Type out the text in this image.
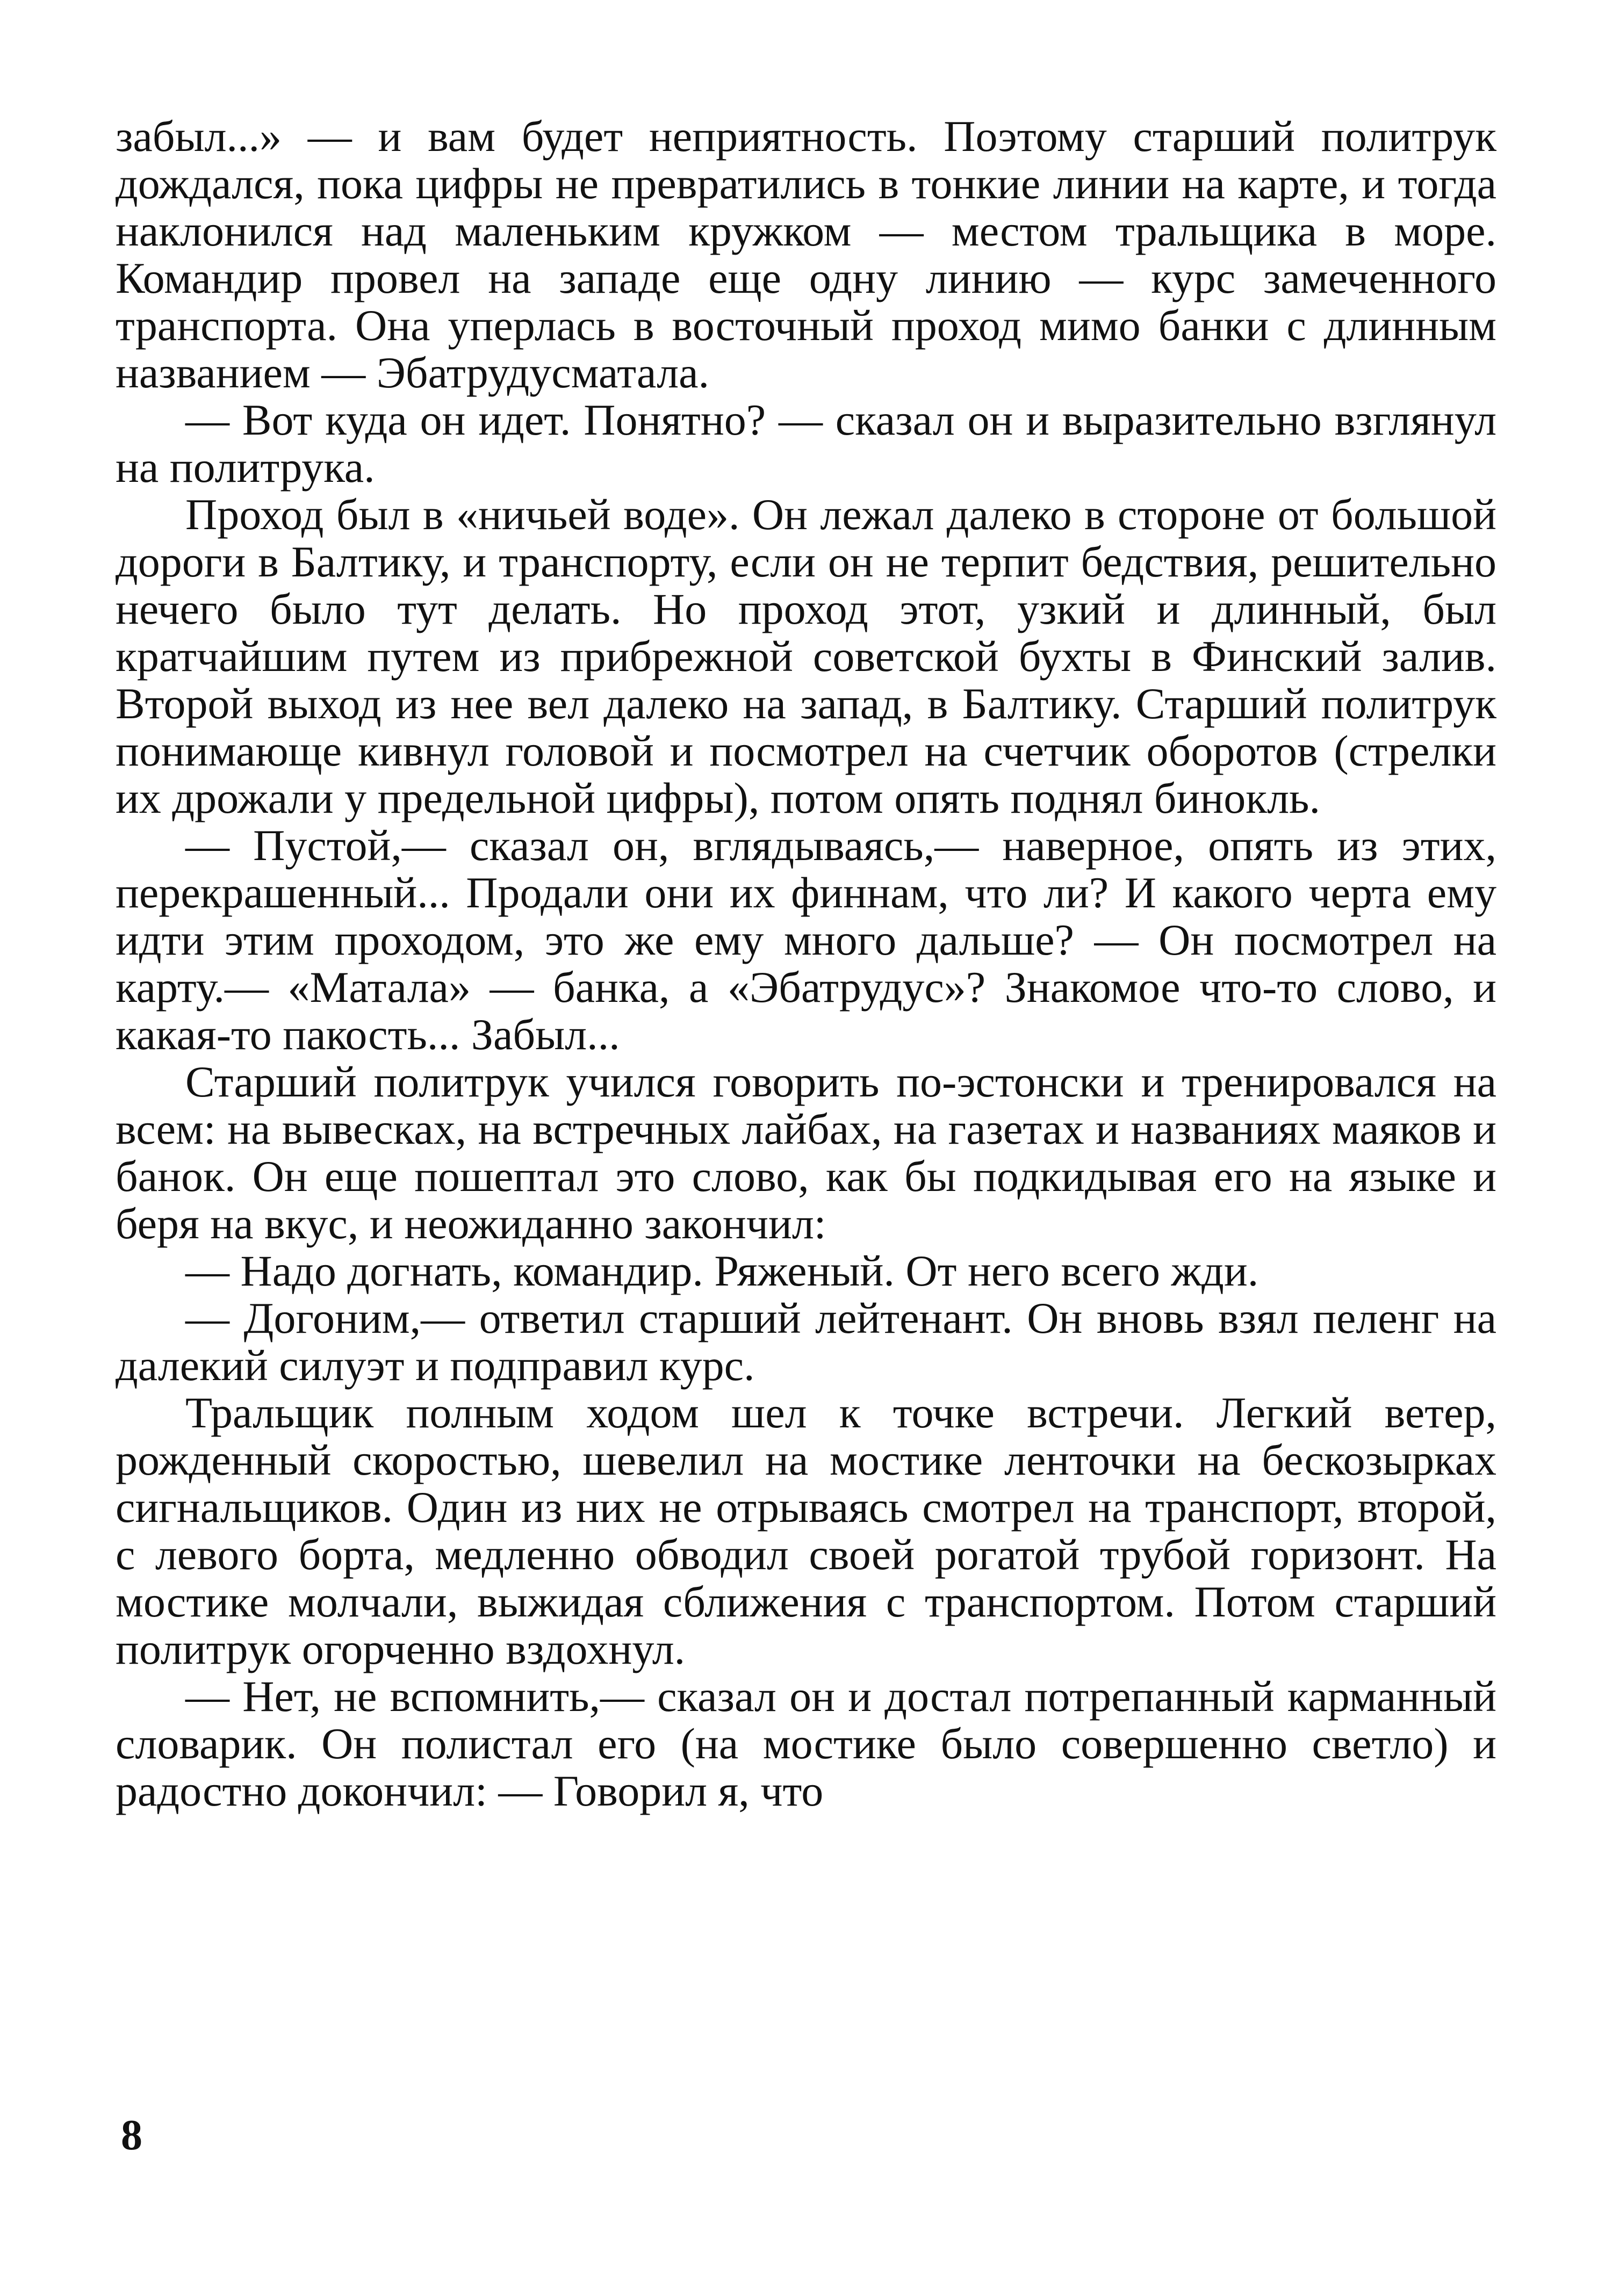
забыл...» — и вам будет неприятность. Поэтому старший политрук дождался, пока цифры не превратились в тонкие линии на карте, и тогда наклонился над маленьким кружком — местом тральщика в море. Командир провел на западе еще одну линию — курс замеченного транспорта. Она уперлась в восточный проход мимо банки с длинным названием — Эбатрудусматала.

— Вот куда он идет. Понятно? — сказал он и выразительно взглянул на политрука.

Проход был в «ничьей воде». Он лежал далеко в стороне от большой дороги в Балтику, и транспорту, если он не терпит бедствия, решительно нечего было тут делать. Но проход этот, узкий и длинный, был кратчайшим путем из прибрежной советской бухты в Финский залив. Второй выход из нее вел далеко на запад, в Балтику. Старший политрук понимающе кивнул головой и посмотрел на счетчик оборотов (стрелки их дрожали у предельной цифры), потом опять поднял бинокль.

— Пустой,— сказал он, вглядываясь,— наверное, опять из этих, перекрашенный... Продали они их финнам, что ли? И какого черта ему идти этим проходом, это же ему много дальше? — Он посмотрел на карту.— «Матала» — банка, а «Эбатрудус»? Знакомое что-то слово, и какая-то пакость... Забыл...

Старший политрук учился говорить по-эстонски и тренировался на всем: на вывесках, на встречных лайбах, на газетах и названиях маяков и банок. Он еще пошептал это слово, как бы подкидывая его на языке и беря на вкус, и неожиданно закончил:

— Надо догнать, командир. Ряженый. От него всего жди.

— Догоним,— ответил старший лейтенант. Он вновь взял пеленг на далекий силуэт и подправил курс.

Тральщик полным ходом шел к точке встречи. Легкий ветер, рожденный скоростью, шевелил на мостике ленточки на бескозырках сигнальщиков. Один из них не отрываясь смотрел на транспорт, второй, с левого борта, медленно обводил своей рогатой трубой горизонт. На мостике молчали, выжидая сближения с транспортом. Потом старший политрук огорченно вздохнул.

— Нет, не вспомнить,— сказал он и достал потрепанный карманный словарик. Он полистал его (на мостике было совершенно светло) и радостно докончил: — Говорил я, что

8
